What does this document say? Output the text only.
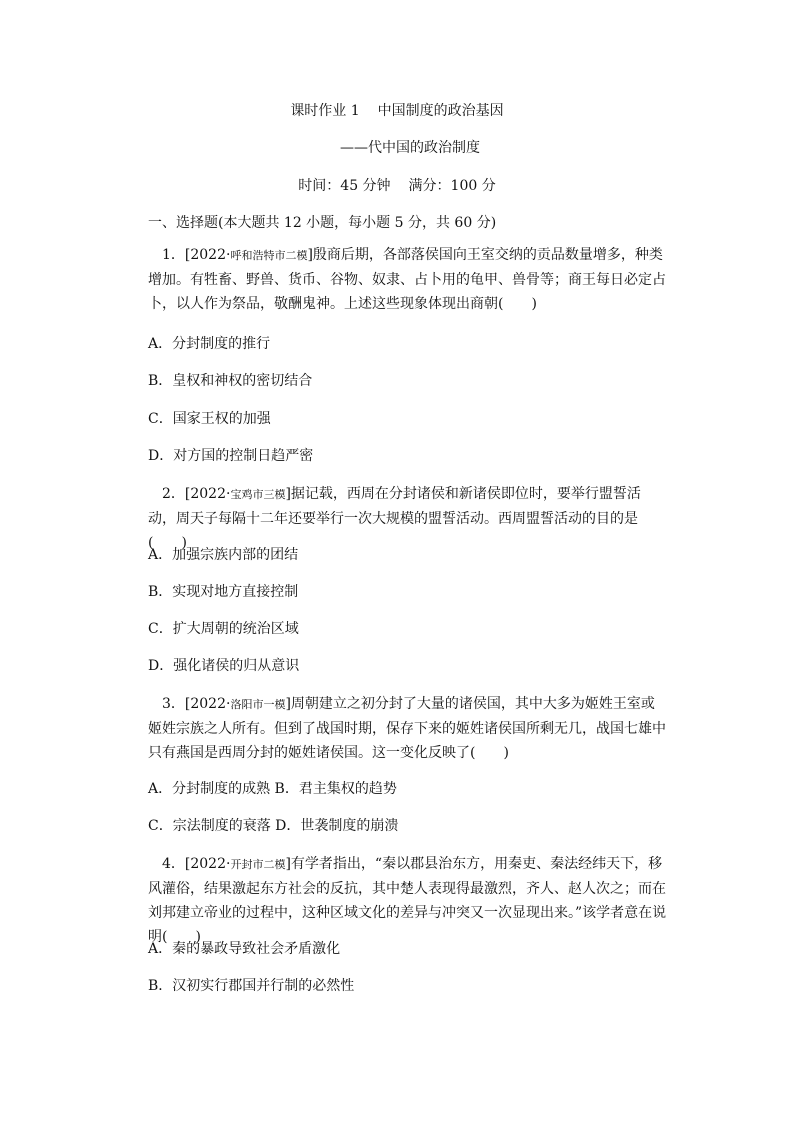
课时作业 1 中国制度的政治基因
——代中国的政治制度
时间：45 分钟 满分：100 分
一、选择题(本大题共 12 小题，每小题 5 分，共 60 分)
1．[2022·呼和浩特市二模]殷商后期，各部落侯国向王室交纳的贡品数量增多，种类增加。有牲畜、野兽、货币、谷物、奴隶、占卜用的龟甲、兽骨等；商王每日必定占卜，以人作为祭品，敬酬鬼神。上述这些现象体现出商朝(　　)
A．分封制度的推行
B．皇权和神权的密切结合
C．国家王权的加强
D．对方国的控制日趋严密
2．[2022·宝鸡市三模]据记载，西周在分封诸侯和新诸侯即位时，要举行盟誓活动，周天子每隔十二年还要举行一次大规模的盟誓活动。西周盟誓活动的目的是(　　)
A．加强宗族内部的团结
B．实现对地方直接控制
C．扩大周朝的统治区域
D．强化诸侯的归从意识
3．[2022·洛阳市一模]周朝建立之初分封了大量的诸侯国，其中大多为姬姓王室或姬姓宗族之人所有。但到了战国时期，保存下来的姬姓诸侯国所剩无几，战国七雄中只有燕国是西周分封的姬姓诸侯国。这一变化反映了(　　)
A．分封制度的成熟 B．君主集权的趋势
C．宗法制度的衰落 D．世袭制度的崩溃
4．[2022·开封市二模]有学者指出，“秦以郡县治东方，用秦吏、秦法经纬天下，移风灌俗，结果激起东方社会的反抗，其中楚人表现得最激烈，齐人、赵人次之；而在刘邦建立帝业的过程中，这种区域文化的差异与冲突又一次显现出来。”该学者意在说明(　　)
A．秦的暴政导致社会矛盾激化
B．汉初实行郡国并行制的必然性
